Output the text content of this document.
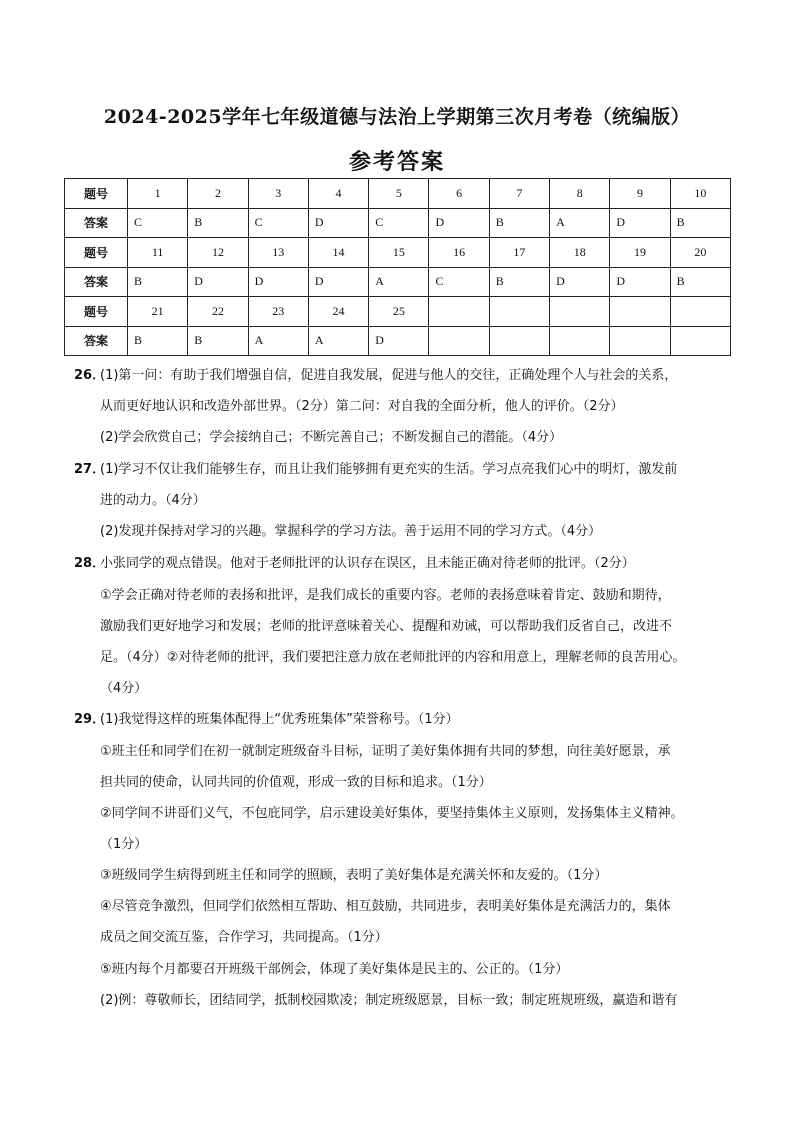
2024-2025学年七年级道德与法治上学期第三次月考卷（统编版）
参考答案
题号	1	2	3	4	5	6	7	8	9	10
答案	C	B	C	D	C	D	B	A	D	B
题号	11	12	13	14	15	16	17	18	19	20
答案	B	D	D	D	A	C	B	D	D	B
题号	21	22	23	24	25					
答案	B	B	A	A	D					
26．
(1)第一问：有助于我们增强自信，促进自我发展，促进与他人的交往，正确处理个人与社会的关系，
从而更好地认识和改造外部世界。（2分）第二问：对自我的全面分析，他人的评价。（2分）
(2)学会欣赏自己；学会接纳自己；不断完善自己；不断发掘自己的潜能。（4分）
27．
(1)学习不仅让我们能够生存，而且让我们能够拥有更充实的生活。学习点亮我们心中的明灯，激发前
进的动力。（4分）
(2)发现并保持对学习的兴趣。掌握科学的学习方法。善于运用不同的学习方式。（4分）
28．
小张同学的观点错误。他对于老师批评的认识存在误区，且未能正确对待老师的批评。（2分）
①学会正确对待老师的表扬和批评，是我们成长的重要内容。老师的表扬意味着肯定、鼓励和期待，
激励我们更好地学习和发展；老师的批评意味着关心、提醒和劝诫，可以帮助我们反省自己，改进不
足。（4分）②对待老师的批评，我们要把注意力放在老师批评的内容和用意上，理解老师的良苦用心。
（4分）
29．
(1)我觉得这样的班集体配得上“优秀班集体”荣誉称号。（1分）
①班主任和同学们在初一就制定班级奋斗目标，证明了美好集体拥有共同的梦想，向往美好愿景，承
担共同的使命，认同共同的价值观，形成一致的目标和追求。（1分）
②同学间不讲哥们义气，不包庇同学，启示建设美好集体，要坚持集体主义原则，发扬集体主义精神。
（1分）
③班级同学生病得到班主任和同学的照顾，表明了美好集体是充满关怀和友爱的。（1分）
④尽管竞争激烈，但同学们依然相互帮助、相互鼓励，共同进步，表明美好集体是充满活力的，集体
成员之间交流互鉴，合作学习，共同提高。（1分）
⑤班内每个月都要召开班级干部例会，体现了美好集体是民主的、公正的。（1分）
(2)例：尊敬师长，团结同学，抵制校园欺凌；制定班级愿景，目标一致；制定班规班级，赢造和谐有
